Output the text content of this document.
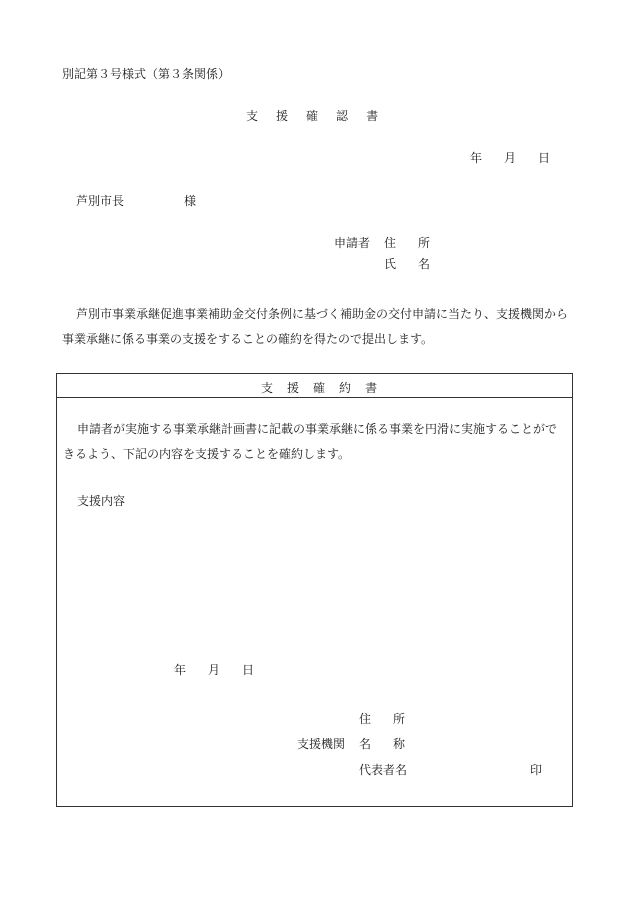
別記第３号様式（第３条関係）
支 援 確 認 書
年 月 日
芦別市長	様
申請者 住 所
氏 名
芦別市事業承継促進事業補助金交付条例に基づく補助金の交付申請に当たり、支援機関から事業承継に係る事業の支援をすることの確約を得たので提出します。
支 援 確 約 書
申請者が実施する事業承継計画書に記載の事業承継に係る事業を円滑に実施することができるよう、下記の内容を支援することを確約します。
支援内容
年 月 日
住 所
支援機関 名 称
代表者名	印
